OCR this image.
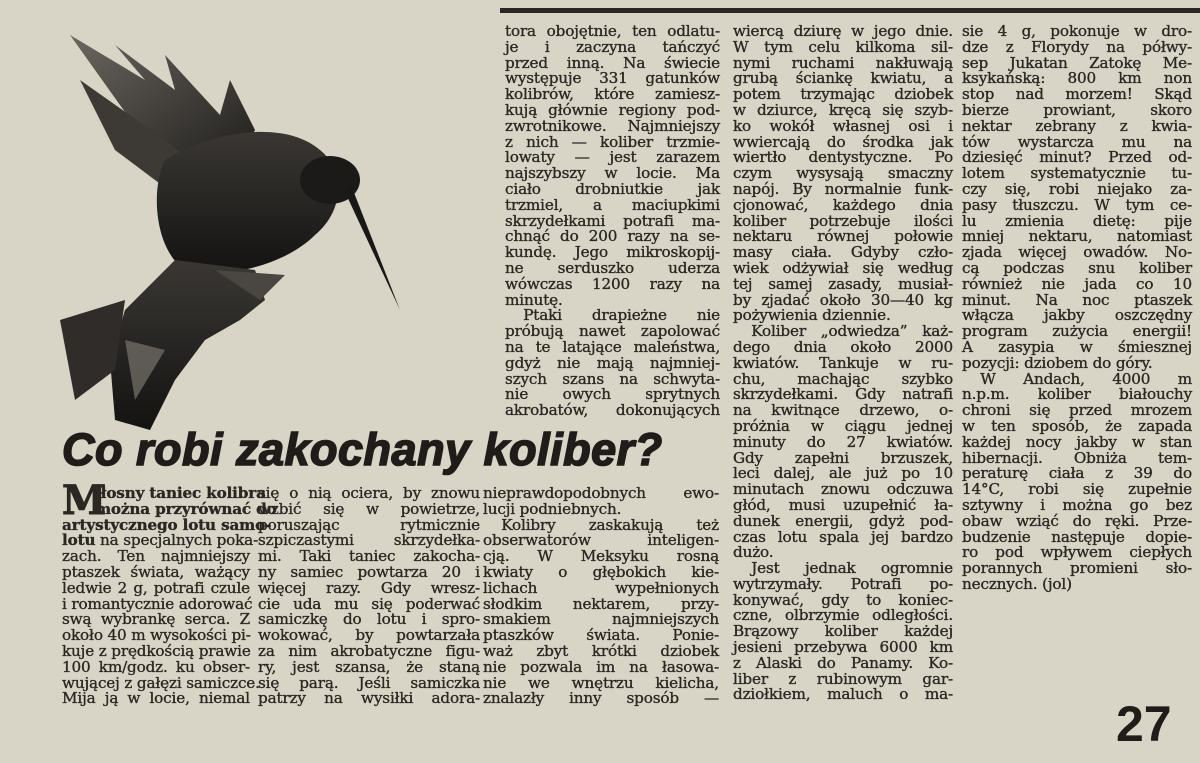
Co robi zakochany koliber?
M
iłosny taniec kolibra
można przyrównać do
artystycznego lotu samo-
lotu na specjalnych poka-
zach. Ten najmniejszy
ptaszek świata, ważący
ledwie 2 g, potrafi czule
i romantycznie adorować
swą wybrankę serca. Z
około 40 m wysokości pi-
kuje z prędkością prawie
100 km/godz. ku obser-
wującej z gałęzi samiczce.
Mija ją w locie, niemal
się o nią ociera, by znowu
wzbić się w powietrze,
poruszając rytmicznie
szpiczastymi skrzydełka-
mi. Taki taniec zakocha-
ny samiec powtarza 20 i
więcej razy. Gdy wresz-
cie uda mu się poderwać
samiczkę do lotu i spro-
wokować, by powtarzała
za nim akrobatyczne figu-
ry, jest szansa, że staną
się parą. Jeśli samiczka
patrzy na wysiłki adora-
tora obojętnie, ten odlatu-
je i zaczyna tańczyć
przed inną. Na świecie
występuje 331 gatunków
kolibrów, które zamiesz-
kują głównie regiony pod-
zwrotnikowe. Najmniejszy
z nich — koliber trzmie-
lowaty — jest zarazem
najszybszy w locie. Ma
ciało drobniutkie jak
trzmiel, a maciupkimi
skrzydełkami potrafi ma-
chnąć do 200 razy na se-
kundę. Jego mikroskopij-
ne serduszko uderza
wówczas 1200 razy na
minutę.
Ptaki drapieżne nie
próbują nawet zapolować
na te latające maleństwa,
gdyż nie mają najmniej-
szych szans na schwyta-
nie owych sprytnych
akrobatów, dokonujących
nieprawdopodobnych ewo-
lucji podniebnych.
Kolibry zaskakują też
obserwatorów inteligen-
cją. W Meksyku rosną
kwiaty o głębokich kie-
lichach wypełnionych
słodkim nektarem, przy-
smakiem najmniejszych
ptaszków świata. Ponie-
waż zbyt krótki dziobek
nie pozwala im na łasowa-
nie we wnętrzu kielicha,
znalazły inny sposób —
wiercą dziurę w jego dnie.
W tym celu kilkoma sil-
nymi ruchami nakłuwają
grubą ściankę kwiatu, a
potem trzymając dziobek
w dziurce, kręcą się szyb-
ko wokół własnej osi i
wwiercają do środka jak
wiertło dentystyczne. Po
czym wysysają smaczny
napój. By normalnie funk-
cjonować, każdego dnia
koliber potrzebuje ilości
nektaru równej połowie
masy ciała. Gdyby czło-
wiek odżywiał się według
tej samej zasady, musiał-
by zjadać około 30—40 kg
pożywienia dziennie.
Koliber „odwiedza” każ-
dego dnia około 2000
kwiatów. Tankuje w ru-
chu, machając szybko
skrzydełkami. Gdy natrafi
na kwitnące drzewo, o-
próżnia w ciągu jednej
minuty do 27 kwiatów.
Gdy zapełni brzuszek,
leci dalej, ale już po 10
minutach znowu odczuwa
głód, musi uzupełnić ła-
dunek energii, gdyż pod-
czas lotu spala jej bardzo
dużo.
Jest jednak ogromnie
wytrzymały. Potrafi po-
konywać, gdy to koniec-
czne, olbrzymie odległości.
Brązowy koliber każdej
jesieni przebywa 6000 km
z Alaski do Panamy. Ko-
liber z rubinowym gar-
dziołkiem, maluch o ma-
sie 4 g, pokonuje w dro-
dze z Florydy na półwy-
sep Jukatan Zatokę Me-
ksykańską: 800 km non
stop nad morzem! Skąd
bierze prowiant, skoro
nektar zebrany z kwia-
tów wystarcza mu na
dziesięć minut? Przed od-
lotem systematycznie tu-
czy się, robi niejako za-
pasy tłuszczu. W tym ce-
lu zmienia dietę: pije
mniej nektaru, natomiast
zjada więcej owadów. No-
cą podczas snu koliber
również nie jada co 10
minut. Na noc ptaszek
włącza jakby oszczędny
program zużycia energii!
A zasypia w śmiesznej
pozycji: dziobem do góry.
W Andach, 4000 m
n.p.m. koliber białouchy
chroni się przed mrozem
w ten sposób, że zapada
każdej nocy jakby w stan
hibernacji. Obniża tem-
peraturę ciała z 39 do
14°C, robi się zupełnie
sztywny i można go bez
obaw wziąć do ręki. Prze-
budzenie następuje dopie-
ro pod wpływem ciepłych
porannych promieni sło-
necznych. (jol)
27
